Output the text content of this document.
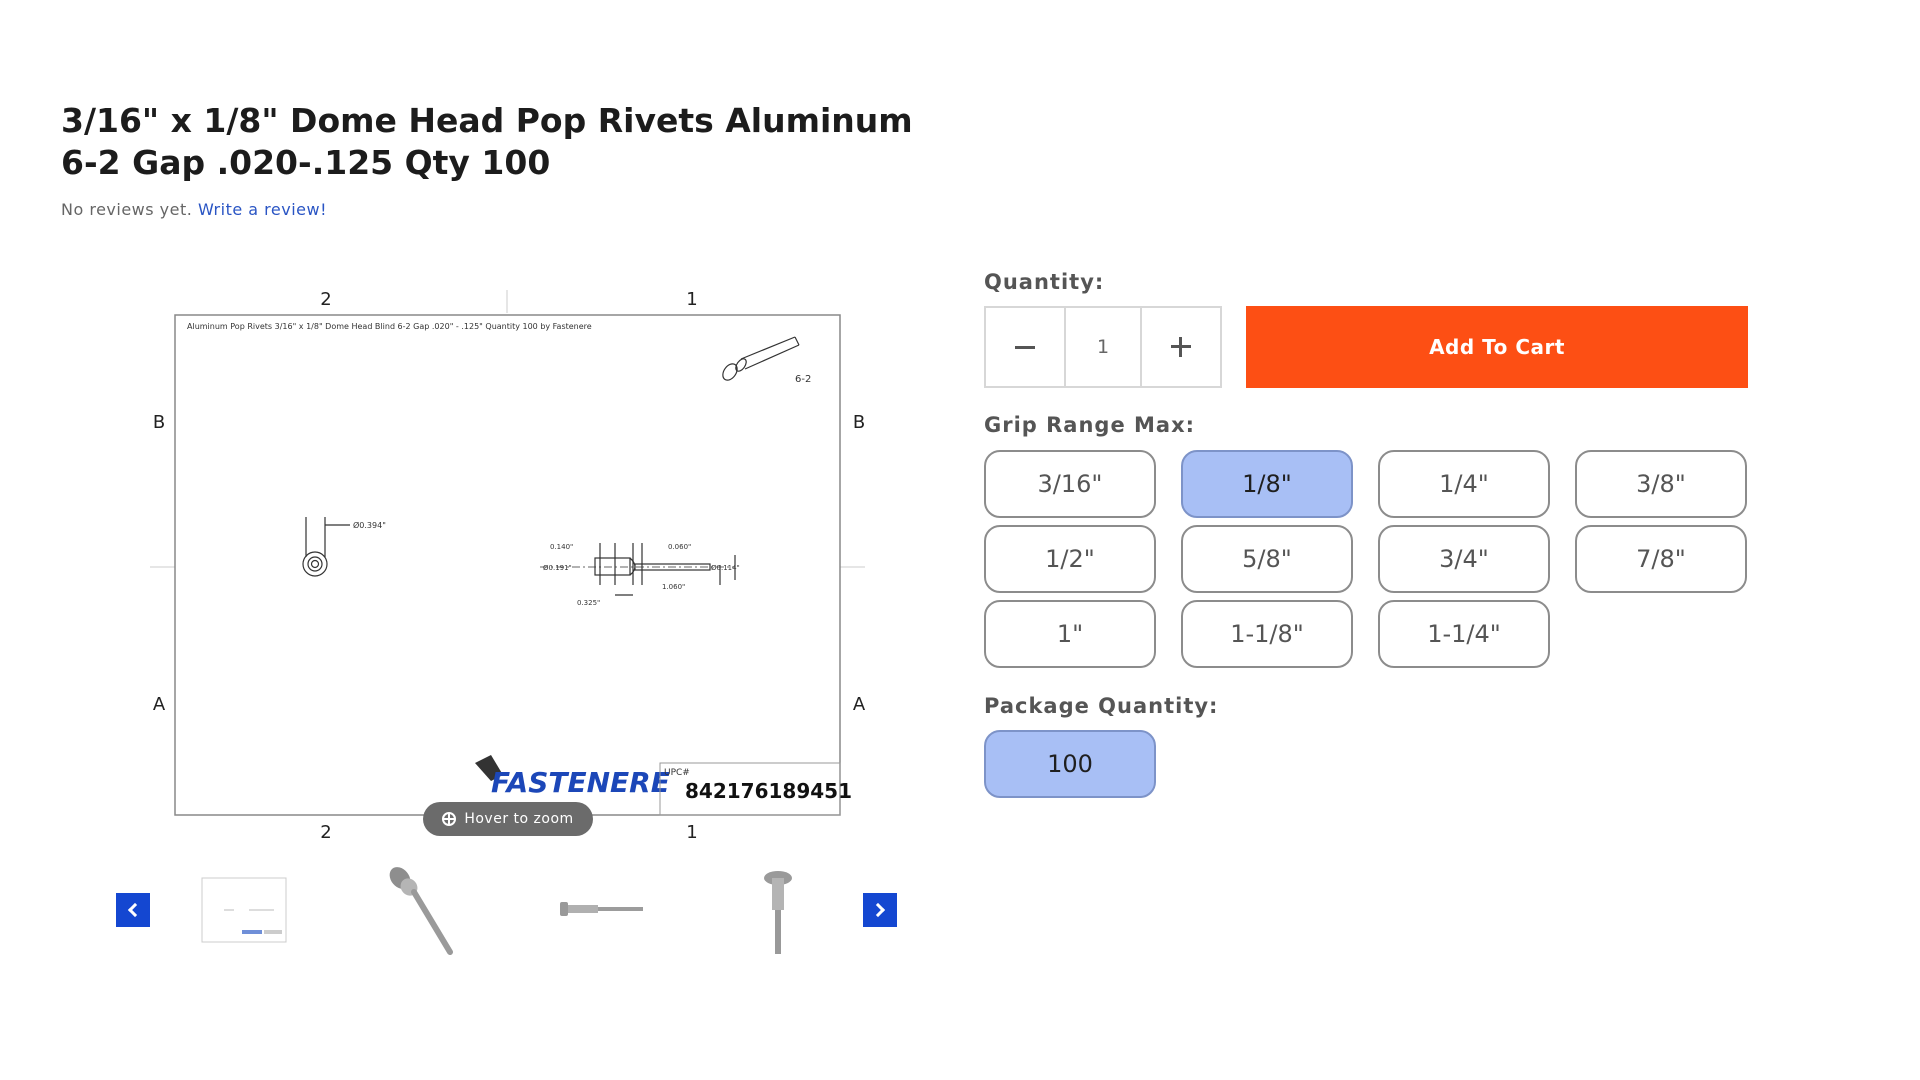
3/16" x 1/8" Dome Head Pop Rivets Aluminum 6-2 Gap .020-.125 Qty 100
No reviews yet. Write a review!
2	1
2	1
B
A
B
A
Aluminum Pop Rivets 3/16" x 1/8" Dome Head Blind 6-2 Gap .020" - .125" Quantity 100 by Fastenere
6-2
Ø0.394"
0.140"	0.060"
Ø0.191"	Ø0.114"
1.060"
0.325"
FASTENERE
UPC#
842176189451
Hover to zoom
Quantity:
1
Add To Cart
Grip Range Max:
3/16"	1/8"	1/4"	3/8"
1/2"	5/8"	3/4"	7/8"
1"	1-1/8"	1-1/4"
Package Quantity:
100
